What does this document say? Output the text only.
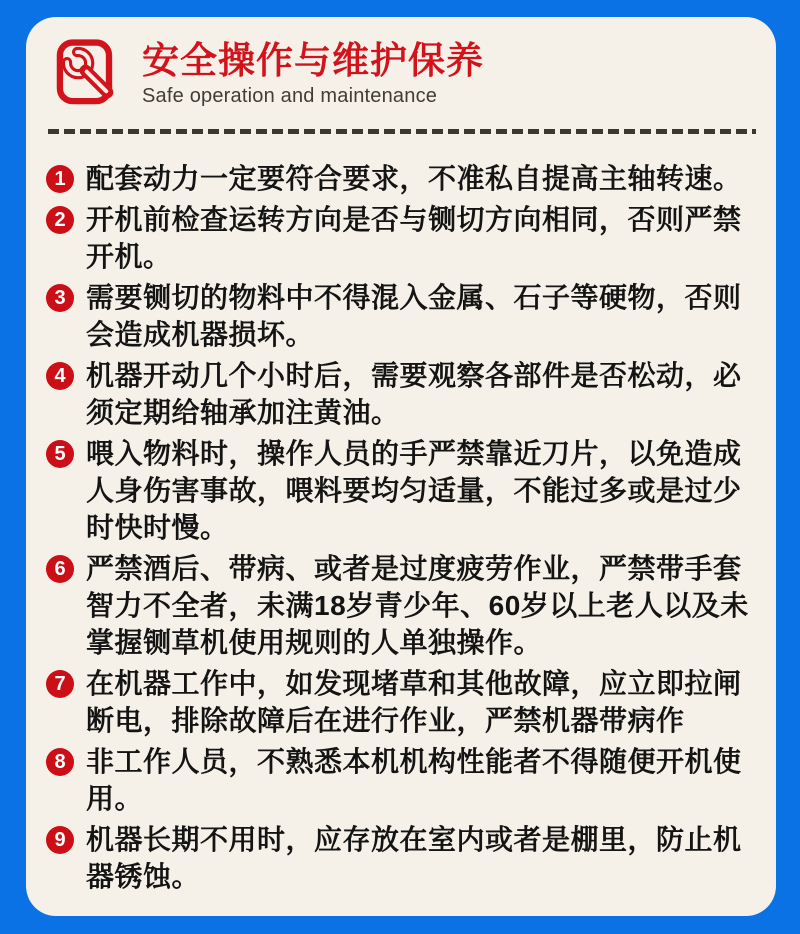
安全操作与维护保养
Safe operation and maintenance
1 配套动力一定要符合要求，不准私自提高主轴转速。
2 开机前检查运转方向是否与铡切方向相同，否则严禁开机。
3 需要铡切的物料中不得混入金属、石子等硬物，否则会造成机器损坏。
4 机器开动几个小时后，需要观察各部件是否松动，必须定期给轴承加注黄油。
5 喂入物料时，操作人员的手严禁靠近刀片，以免造成人身伤害事故，喂料要均匀适量，不能过多或是过少时快时慢。
6 严禁酒后、带病、或者是过度疲劳作业，严禁带手套智力不全者，未满18岁青少年、60岁以上老人以及未掌握铡草机使用规则的人单独操作。
7 在机器工作中，如发现堵草和其他故障，应立即拉闸断电，排除故障后在进行作业，严禁机器带病作
8 非工作人员，不熟悉本机机构性能者不得随便开机使用。
9 机器长期不用时，应存放在室内或者是棚里，防止机器锈蚀。
